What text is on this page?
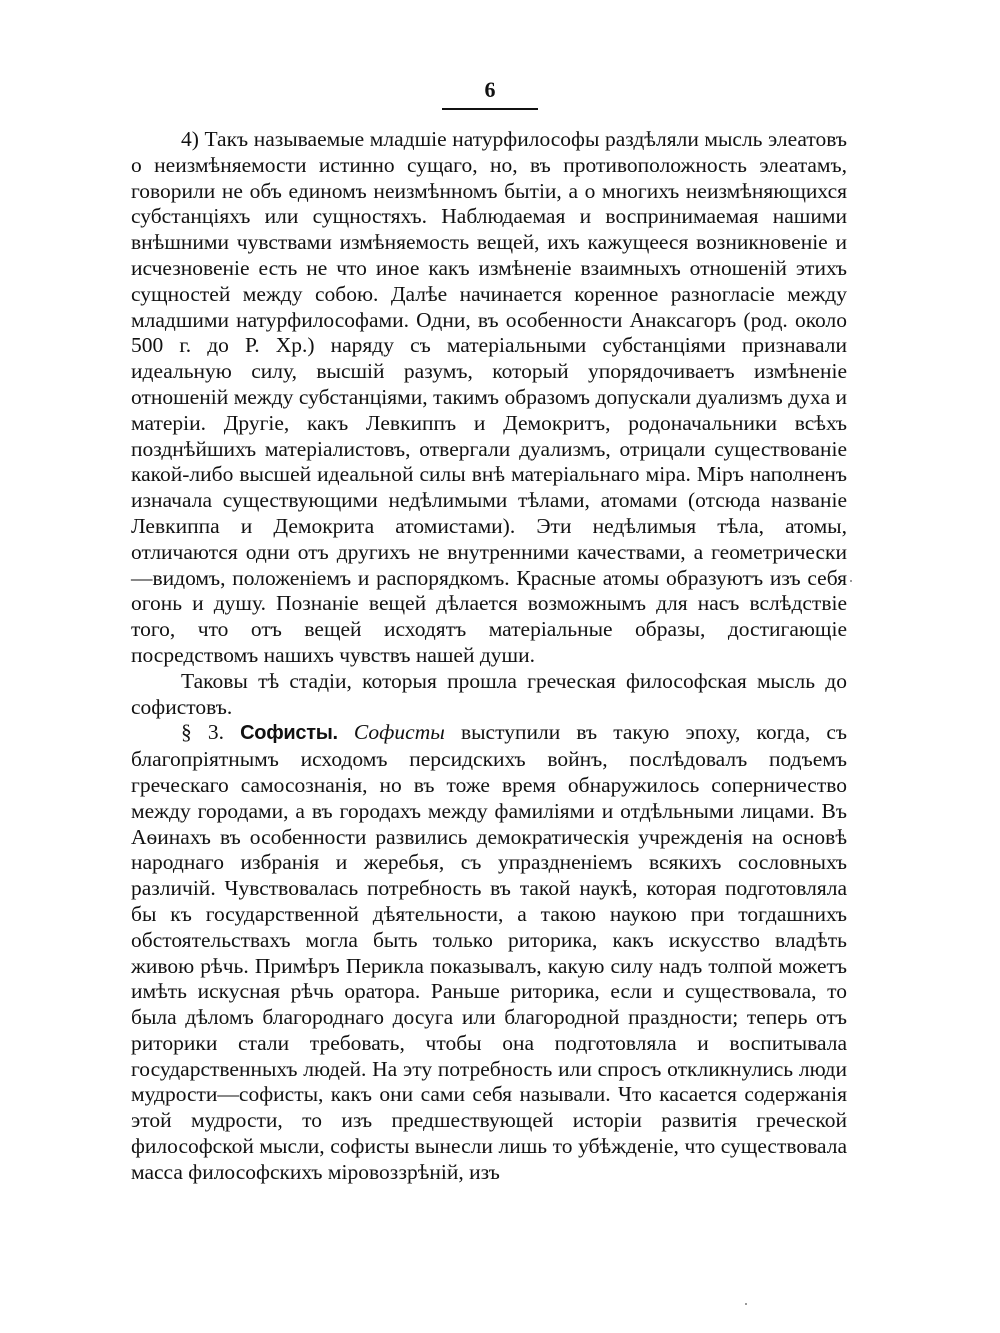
6

4) Такъ называемые младшіе натурфилософы раздѣляли мысль элеатовъ о неизмѣняемости истинно сущаго, но, въ противоположность элеатамъ, говорили не объ единомъ неизмѣнномъ бытіи, а о многихъ неизмѣняющихся субстанціяхъ или сущностяхъ. Наблюдаемая и воспринимаемая нашими внѣшними чувствами измѣняемость вещей, ихъ кажущееся возникновеніе и исчезновеніе есть не что иное какъ измѣненіе взаимныхъ отношеній этихъ сущностей между собою. Далѣе начинается коренное разногласіе между младшими натурфилософами. Одни, въ особенности Анаксагоръ (род. около 500 г. до Р. Хр.) наряду съ матеріальными субстанціями признавали идеальную силу, высшій разумъ, который упорядочиваетъ измѣненіе отношеній между субстанціями, такимъ образомъ допускали дуализмъ духа и матеріи. Другіе, какъ Левкиппъ и Демокритъ, родоначальники всѣхъ позднѣйшихъ матеріалистовъ, отвергали дуализмъ, отрицали существованіе какой-либо высшей идеальной силы внѣ матеріальнаго міра. Міръ наполненъ изначала существующими недѣлимыми тѣлами, атомами (отсюда названіе Левкиппа и Демокрита атомистами). Эти недѣлимыя тѣла, атомы, отличаются одни отъ другихъ не внутренними качествами, а геометрически—видомъ, положеніемъ и распорядкомъ. Красные атомы образуютъ изъ себя огонь и душу. Познаніе вещей дѣлается возможнымъ для насъ вслѣдствіе того, что отъ вещей исходятъ матеріальные образы, достигающіе посредствомъ нашихъ чувствъ нашей души.

Таковы тѣ стадіи, которыя прошла греческая философская мысль до софистовъ.

§ 3. Софисты. Софисты выступили въ такую эпоху, когда, съ благопріятнымъ исходомъ персидскихъ войнъ, послѣдовалъ подъемъ греческаго самосознанія, но въ тоже время обнаружилось соперничество между городами, а въ городахъ между фамиліями и отдѣльными лицами. Въ Аѳинахъ въ особенности развились демократическія учрежденія на основѣ народнаго избранія и жеребья, съ упраздненіемъ всякихъ сословныхъ различій. Чувствовалась потребность въ такой наукѣ, которая подготовляла бы къ государственной дѣятельности, а такою наукою при тогдашнихъ обстоятельствахъ могла быть только риторика, какъ искусство владѣть живою рѣчь. Примѣръ Перикла показывалъ, какую силу надъ толпой можетъ имѣть искусная рѣчь оратора. Раньше риторика, если и существовала, то была дѣломъ благороднаго досуга или благородной праздности; теперь отъ риторики стали требовать, чтобы она подготовляла и воспитывала государственныхъ людей. На эту потребность или спросъ откликнулись люди мудрости—софисты, какъ они сами себя называли. Что касается содержанія этой мудрости, то изъ предшествующей исторіи развитія греческой философской мысли, софисты вынесли лишь то убѣжденіе, что существовала масса философскихъ міровоззрѣній, изъ
